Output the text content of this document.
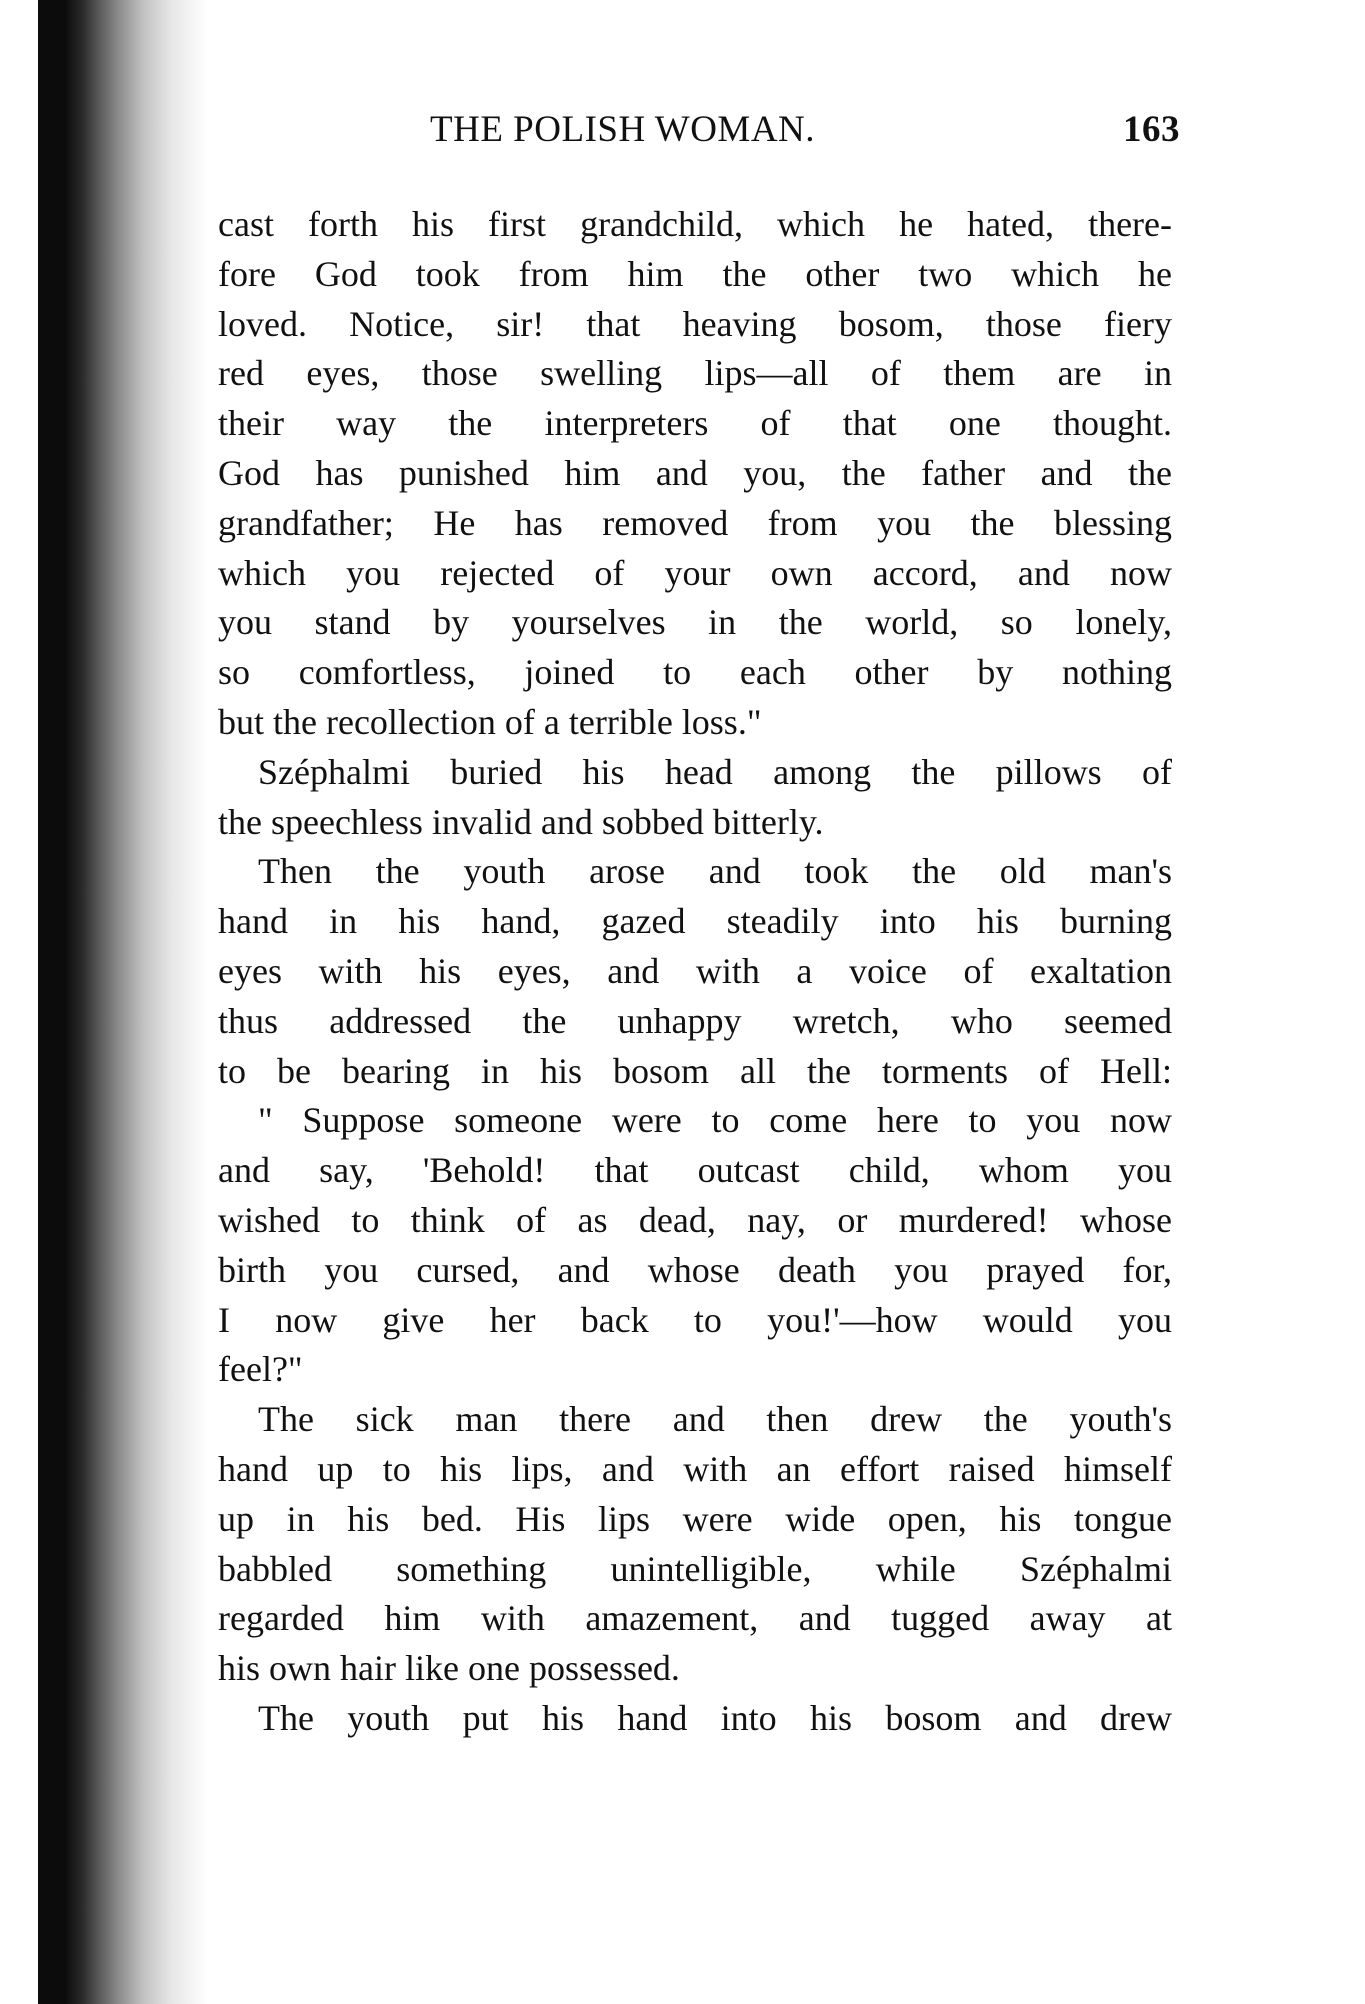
THE POLISH WOMAN.	163
cast forth his first grandchild, which he hated, there-
fore God took from him the other two which he
loved. Notice, sir! that heaving bosom, those fiery
red eyes, those swelling lips—all of them are in
their way the interpreters of that one thought.
God has punished him and you, the father and the
grandfather; He has removed from you the blessing
which you rejected of your own accord, and now
you stand by yourselves in the world, so lonely,
so comfortless, joined to each other by nothing
but the recollection of a terrible loss."
Széphalmi buried his head among the pillows of
the speechless invalid and sobbed bitterly.
Then the youth arose and took the old man's
hand in his hand, gazed steadily into his burning
eyes with his eyes, and with a voice of exaltation
thus addressed the unhappy wretch, who seemed
to be bearing in his bosom all the torments of Hell:
" Suppose someone were to come here to you now
and say, 'Behold! that outcast child, whom you
wished to think of as dead, nay, or murdered! whose
birth you cursed, and whose death you prayed for,
I now give her back to you!'—how would you
feel?"
The sick man there and then drew the youth's
hand up to his lips, and with an effort raised himself
up in his bed. His lips were wide open, his tongue
babbled something unintelligible, while Széphalmi
regarded him with amazement, and tugged away at
his own hair like one possessed.
The youth put his hand into his bosom and drew
